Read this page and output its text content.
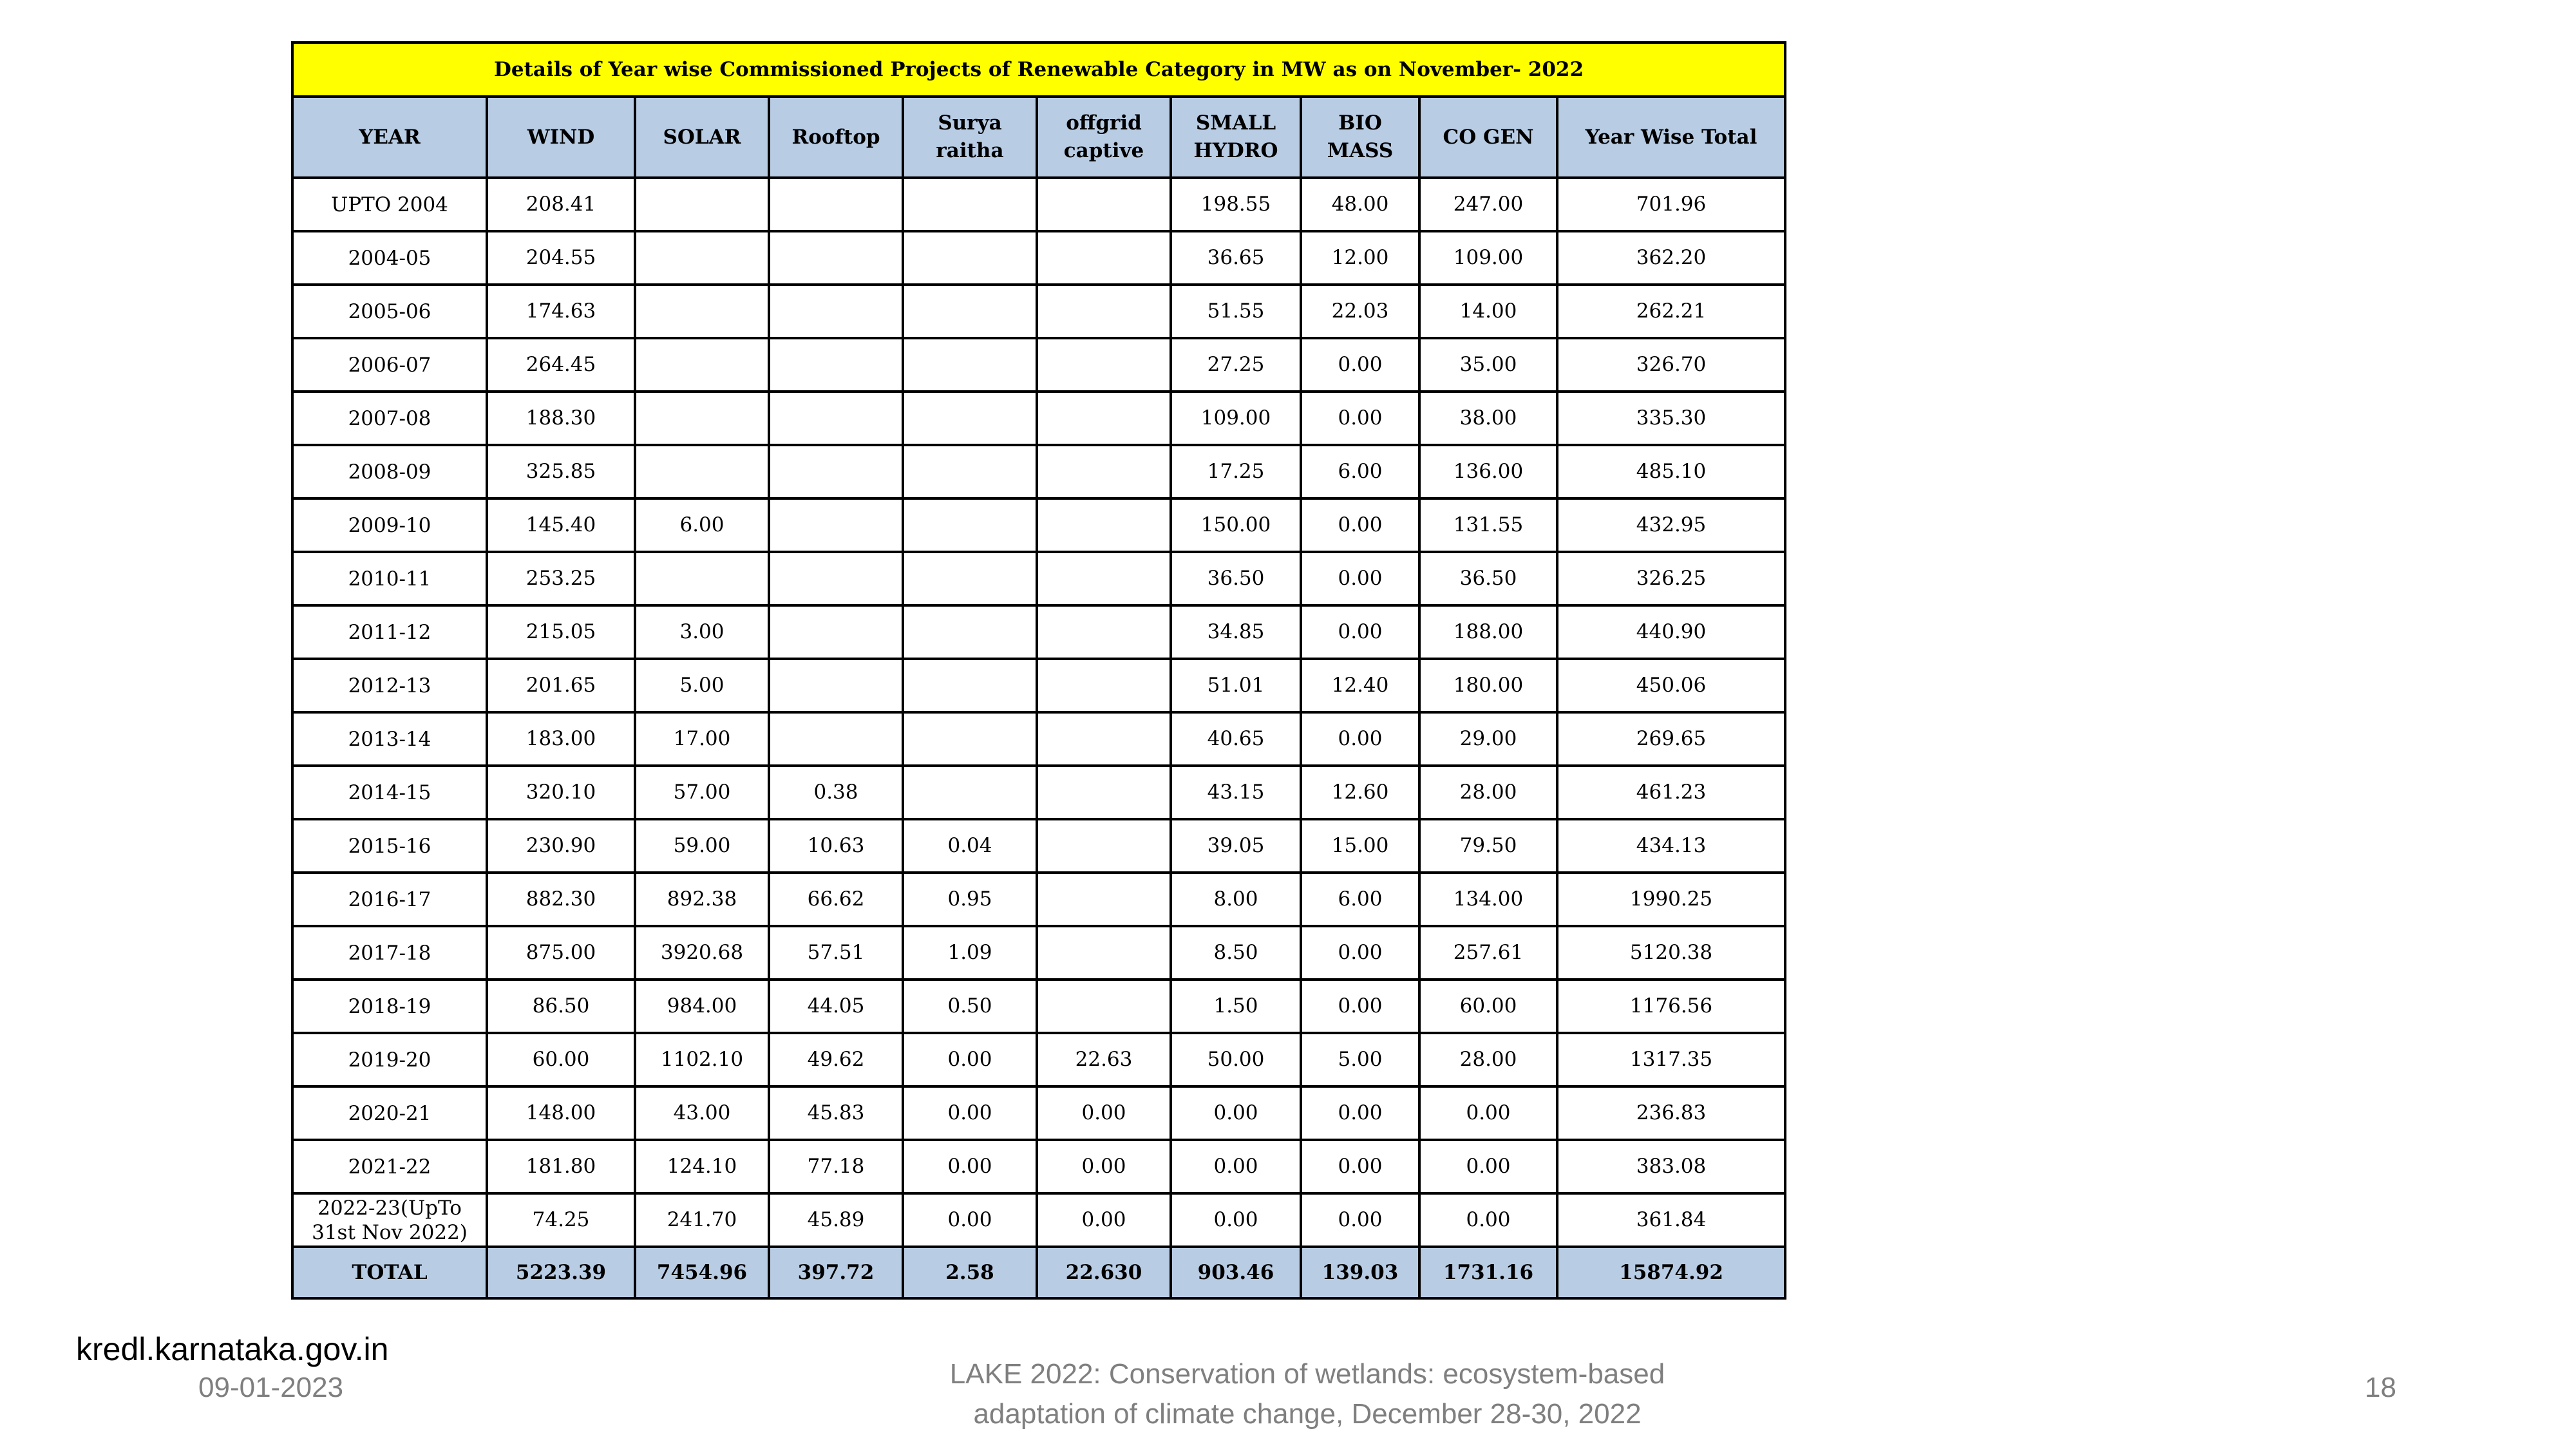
Details of Year wise Commissioned Projects of Renewable Category in MW as on November- 2022									
YEAR	WIND	SOLAR	Rooftop	Surya raitha	offgrid captive	SMALL HYDRO	BIO MASS	CO GEN	Year Wise Total
UPTO 2004	208.41					198.55	48.00	247.00	701.96
2004-05	204.55					36.65	12.00	109.00	362.20
2005-06	174.63					51.55	22.03	14.00	262.21
2006-07	264.45					27.25	0.00	35.00	326.70
2007-08	188.30					109.00	0.00	38.00	335.30
2008-09	325.85					17.25	6.00	136.00	485.10
2009-10	145.40	6.00				150.00	0.00	131.55	432.95
2010-11	253.25					36.50	0.00	36.50	326.25
2011-12	215.05	3.00				34.85	0.00	188.00	440.90
2012-13	201.65	5.00				51.01	12.40	180.00	450.06
2013-14	183.00	17.00				40.65	0.00	29.00	269.65
2014-15	320.10	57.00	0.38			43.15	12.60	28.00	461.23
2015-16	230.90	59.00	10.63	0.04		39.05	15.00	79.50	434.13
2016-17	882.30	892.38	66.62	0.95		8.00	6.00	134.00	1990.25
2017-18	875.00	3920.68	57.51	1.09		8.50	0.00	257.61	5120.38
2018-19	86.50	984.00	44.05	0.50		1.50	0.00	60.00	1176.56
2019-20	60.00	1102.10	49.62	0.00	22.63	50.00	5.00	28.00	1317.35
2020-21	148.00	43.00	45.83	0.00	0.00	0.00	0.00	0.00	236.83
2021-22	181.80	124.10	77.18	0.00	0.00	0.00	0.00	0.00	383.08
2022-23(UpTo 31st Nov 2022)	74.25	241.70	45.89	0.00	0.00	0.00	0.00	0.00	361.84
TOTAL	5223.39	7454.96	397.72	2.58	22.630	903.46	139.03	1731.16	15874.92
kredl.karnataka.gov.in
09-01-2023	LAKE 2022: Conservation of wetlands: ecosystem-based adaptation of climate change, December 28-30, 2022
18
